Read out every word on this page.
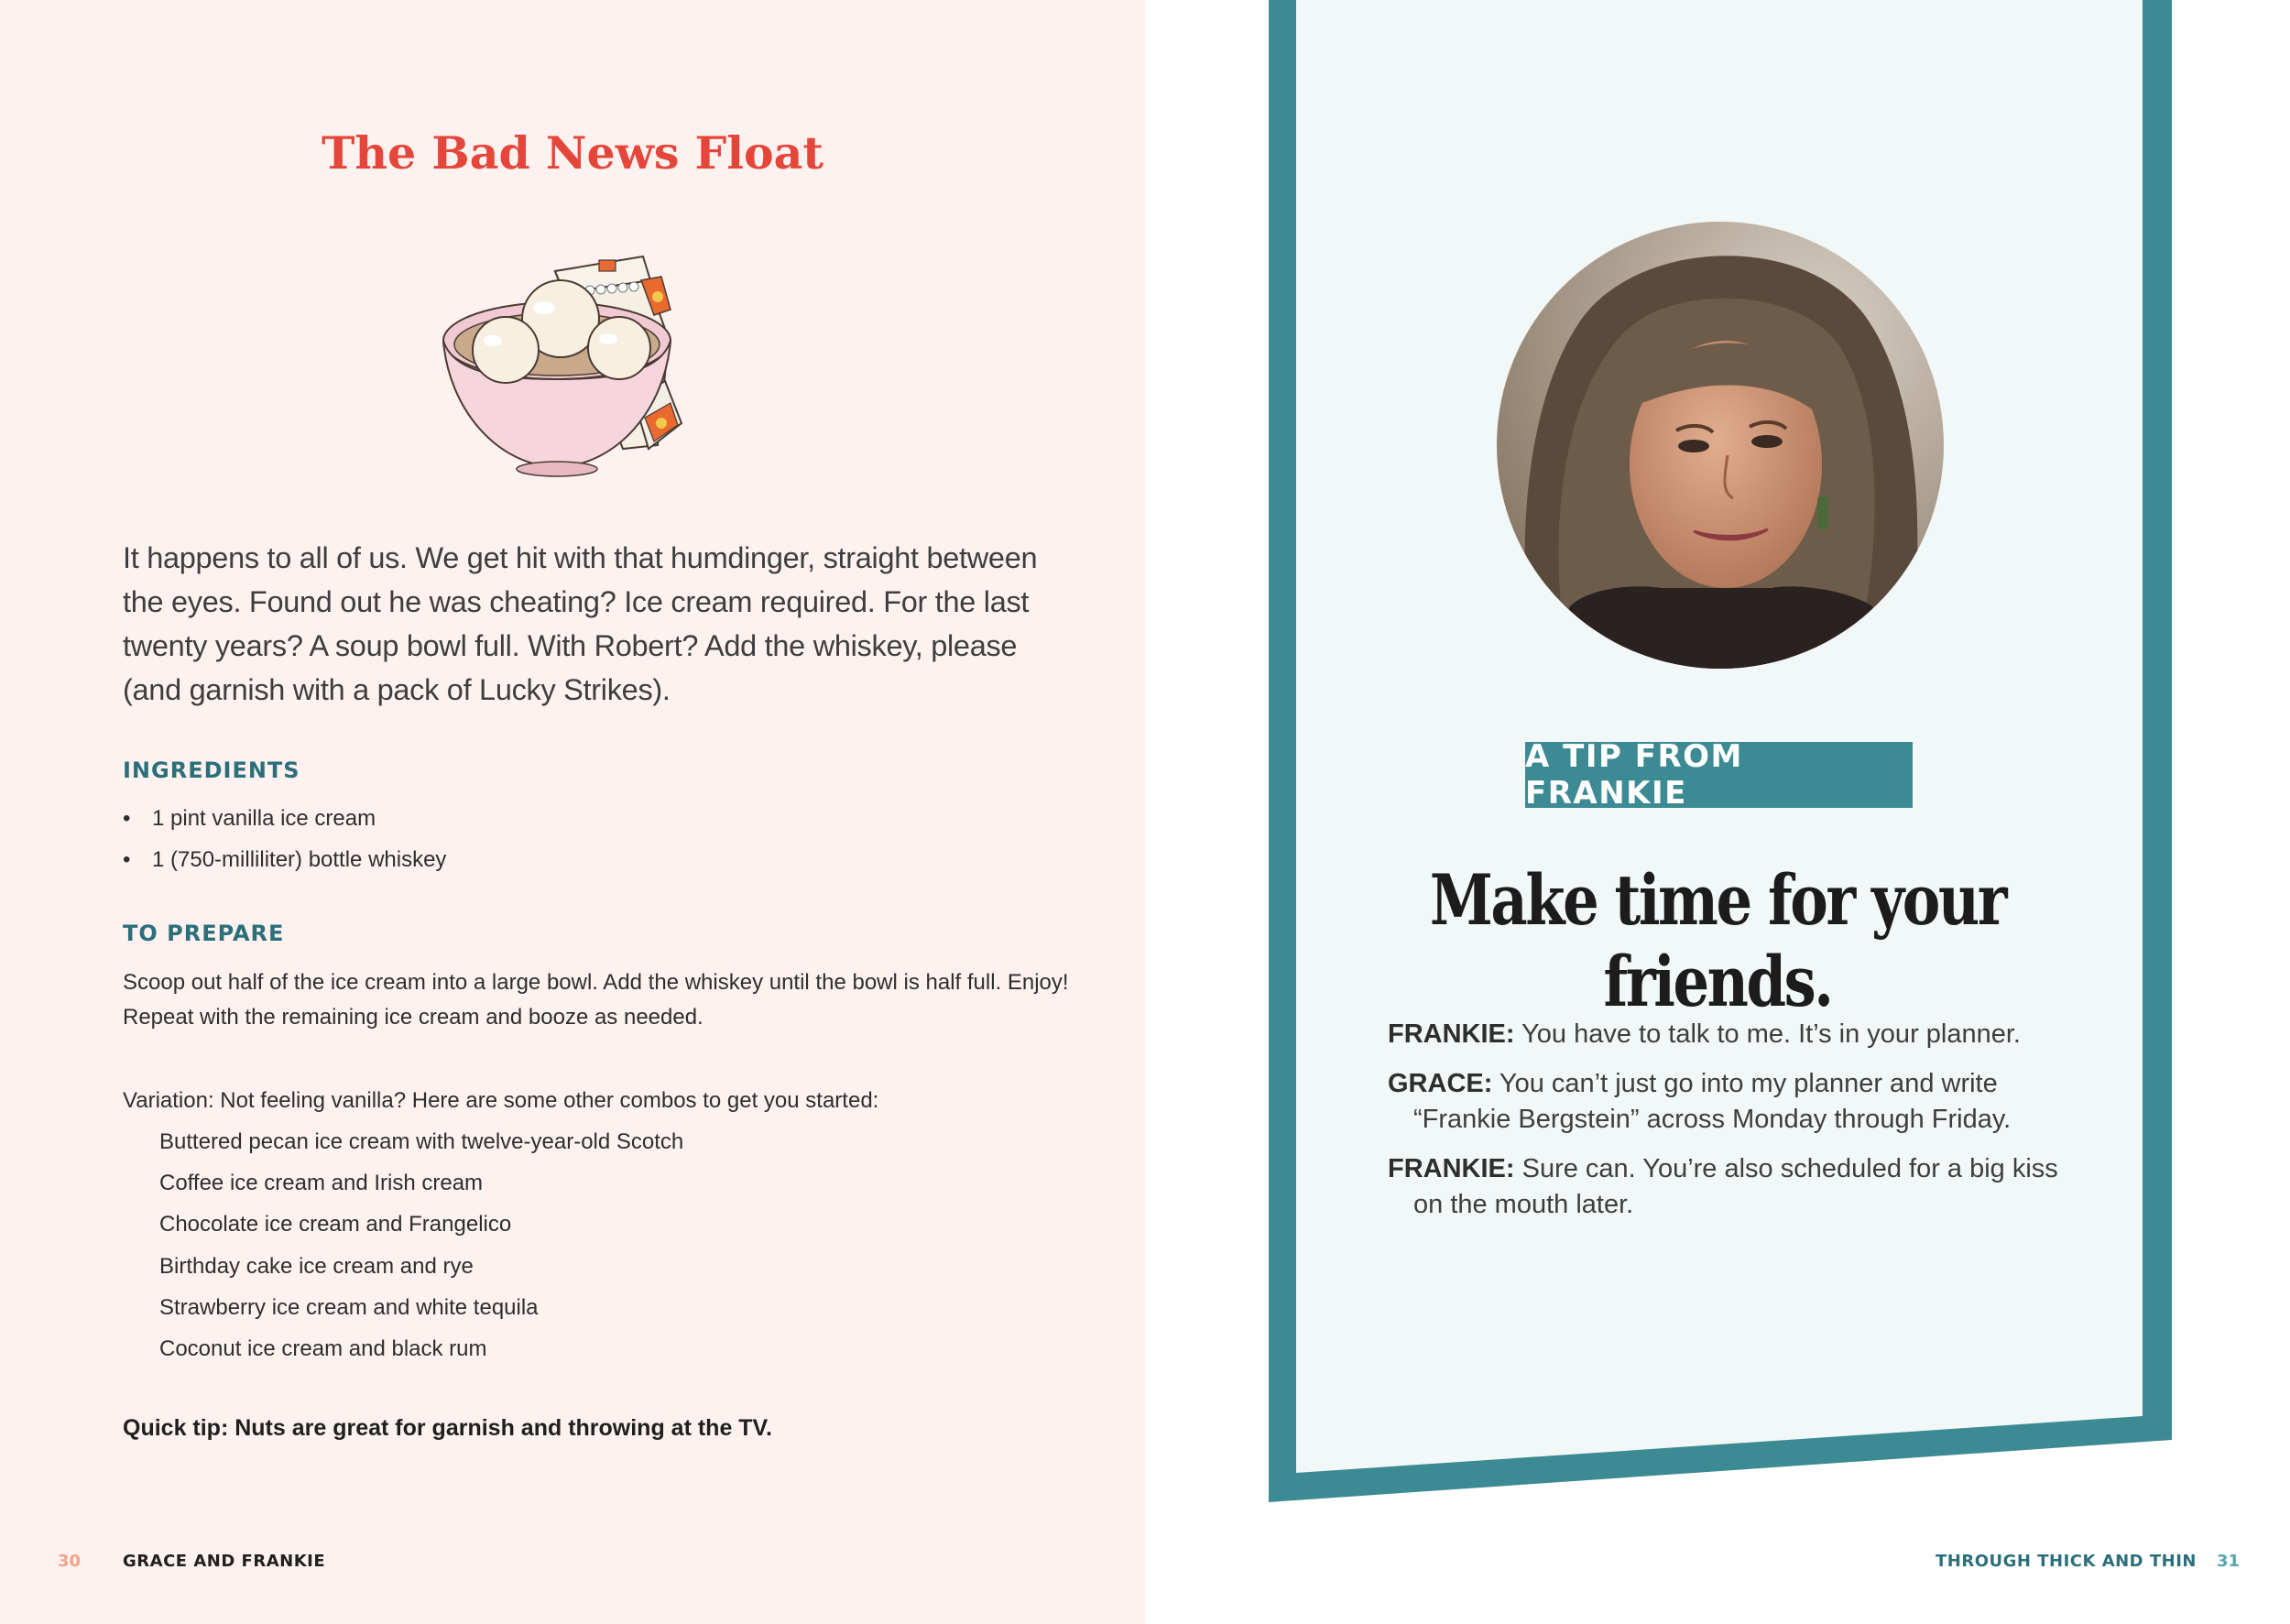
The Bad News Float

It happens to all of us. We get hit with that humdinger, straight between the eyes. Found out he was cheating? Ice cream required. For the last twenty years? A soup bowl full. With Robert? Add the whiskey, please (and garnish with a pack of Lucky Strikes).

INGREDIENTS
• 1 pint vanilla ice cream
• 1 (750-milliliter) bottle whiskey
TO PREPARE

Scoop out half of the ice cream into a large bowl. Add the whiskey until the bowl is half full. Enjoy! Repeat with the remaining ice cream and booze as needed.

Variation: Not feeling vanilla? Here are some other combos to get you started:

Buttered pecan ice cream with twelve-year-old Scotch
Coffee ice cream and Irish cream
Chocolate ice cream and Frangelico
Birthday cake ice cream and rye
Strawberry ice cream and white tequila
Coconut ice cream and black rum

Quick tip: Nuts are great for garnish and throwing at the TV.

30	GRACE AND FRANKIE

A TIP FROM FRANKIE
Make time for your friends.

FRANKIE: You have to talk to me. It’s in your planner.

GRACE: You can’t just go into my planner and write “Frankie Bergstein” across Monday through Friday.

FRANKIE: Sure can. You’re also scheduled for a big kiss on the mouth later.

THROUGH THICK AND THIN 31
